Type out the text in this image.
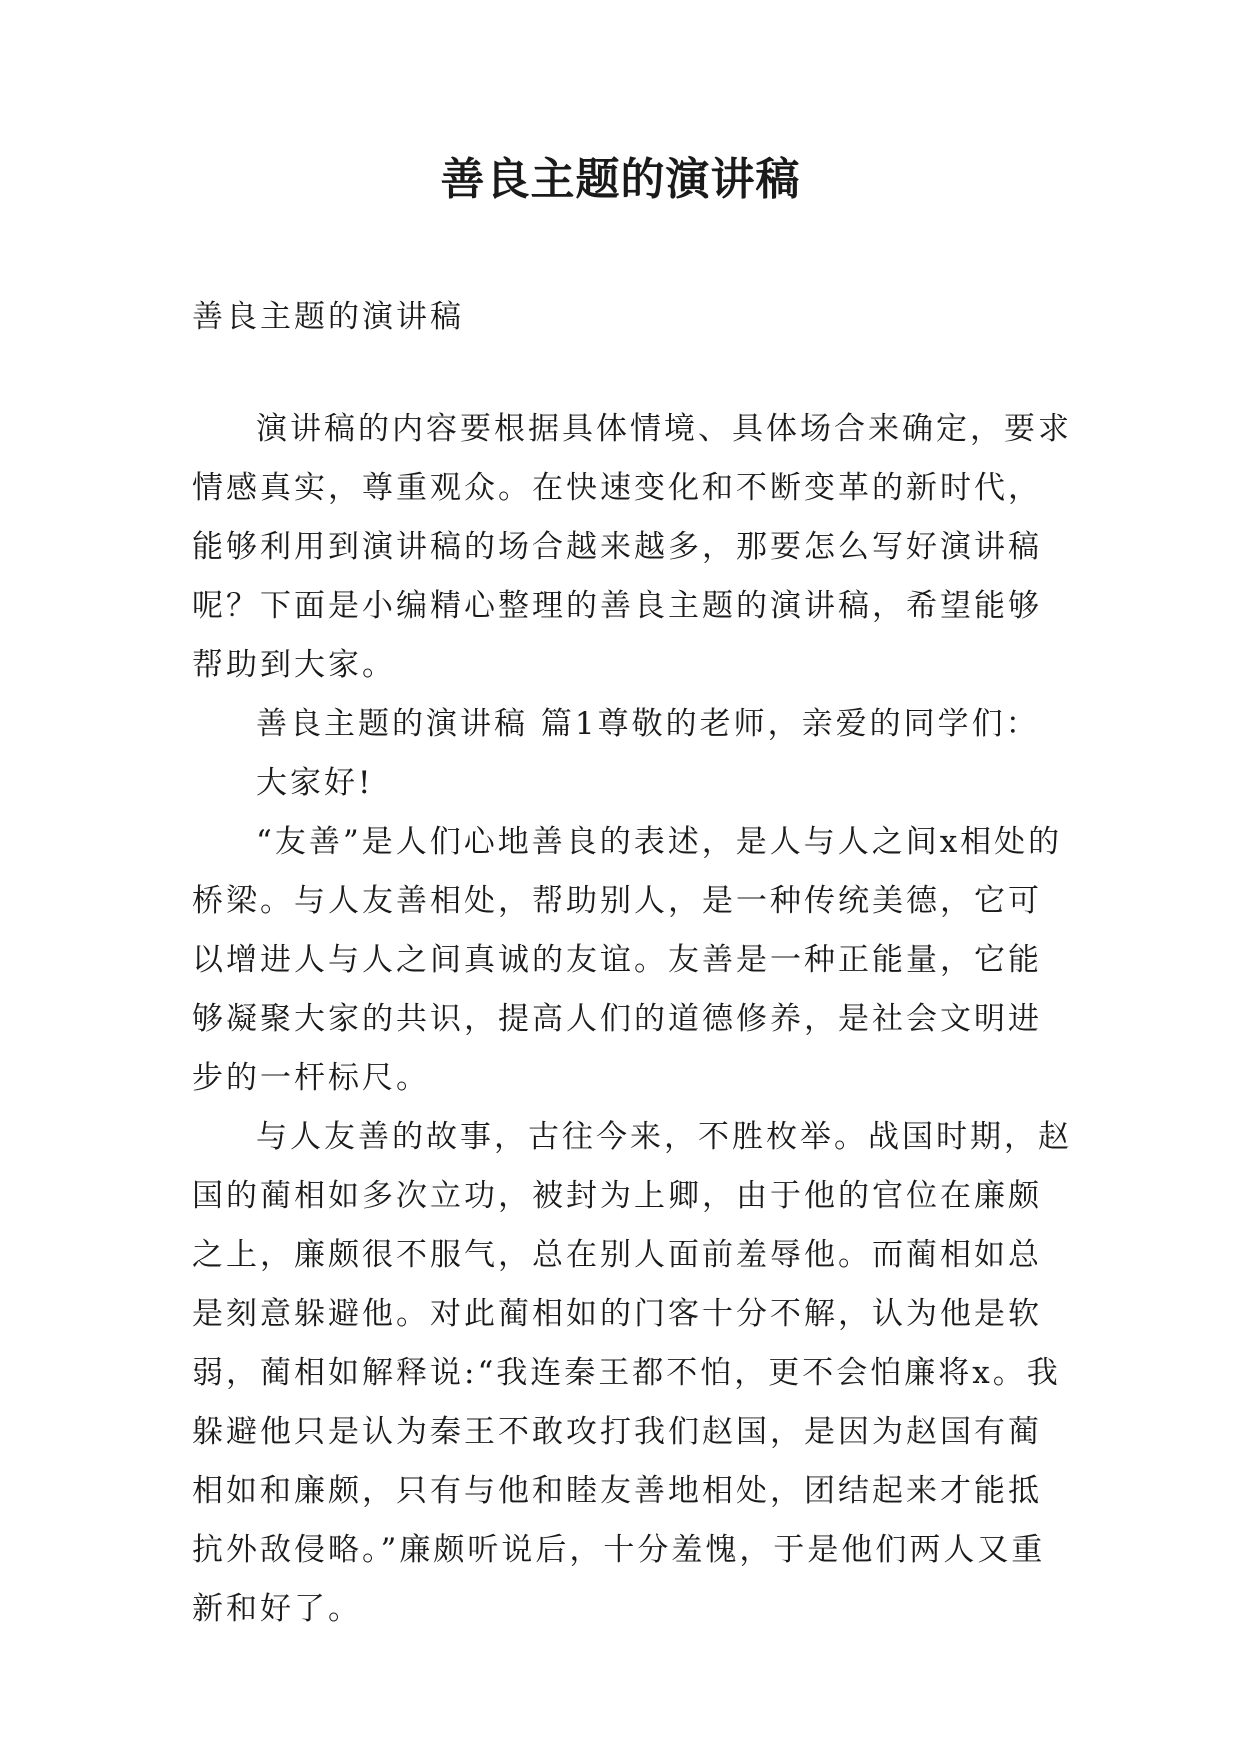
善良主题的演讲稿

善良主题的演讲稿

演讲稿的内容要根据具体情境、具体场合来确定，要求情感真实，尊重观众。在快速变化和不断变革的新时代，能够利用到演讲稿的场合越来越多，那要怎么写好演讲稿呢？下面是小编精心整理的善良主题的演讲稿，希望能够帮助到大家。

善良主题的演讲稿 篇1尊敬的老师，亲爱的同学们：

大家好!

“友善”是人们心地善良的表述，是人与人之间x相处的桥梁。与人友善相处，帮助别人，是一种传统美德，它可以增进人与人之间真诚的友谊。友善是一种正能量，它能够凝聚大家的共识，提高人们的道德修养，是社会文明进步的一杆标尺。

与人友善的故事，古往今来，不胜枚举。战国时期，赵国的蔺相如多次立功，被封为上卿，由于他的官位在廉颇之上，廉颇很不服气，总在别人面前羞辱他。而蔺相如总是刻意躲避他。对此蔺相如的门客十分不解，认为他是软弱，蔺相如解释说:“我连秦王都不怕，更不会怕廉将x。我躲避他只是认为秦王不敢攻打我们赵国，是因为赵国有蔺相如和廉颇，只有与他和睦友善地相处，团结起来才能抵抗外敌侵略。”廉颇听说后，十分羞愧，于是他们两人又重新和好了。
